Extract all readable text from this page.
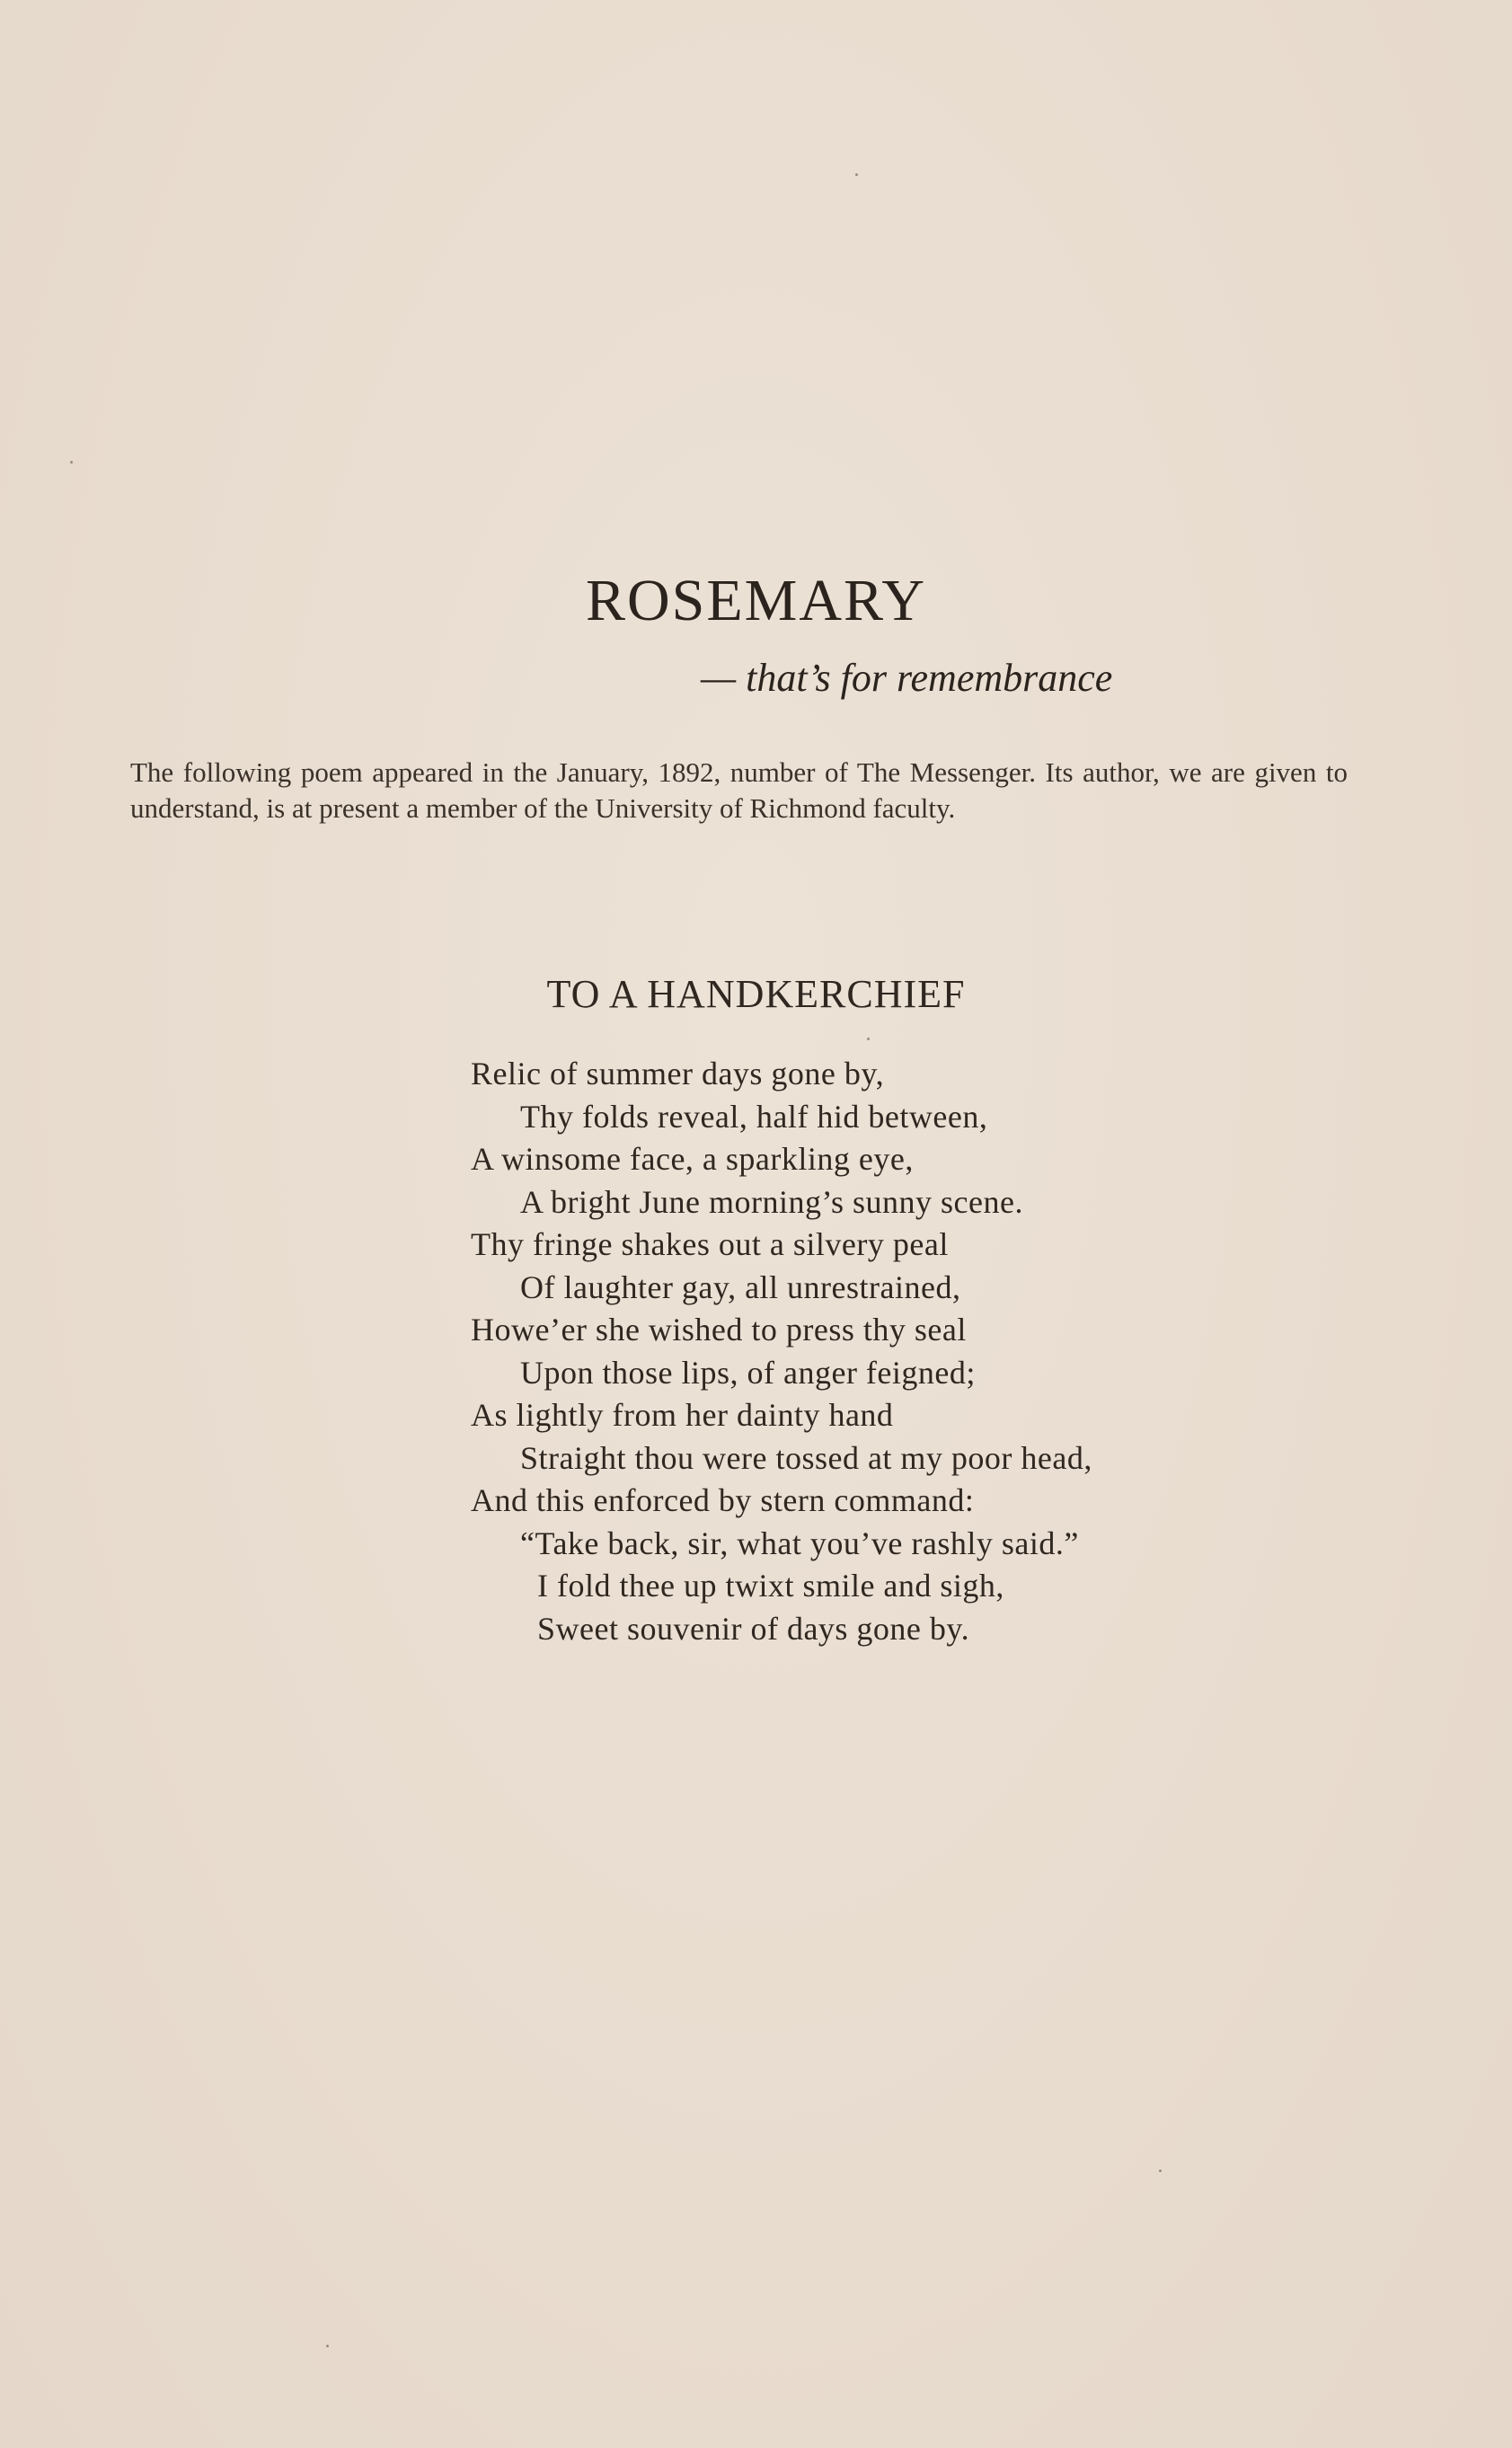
ROSEMARY
— that’s for remembrance
The following poem appeared in the January, 1892, number of The Messenger. Its author, we are given to understand, is at present a member of the University of Richmond faculty.
TO A HANDKERCHIEF
Relic of summer days gone by,
Thy folds reveal, half hid between,
A winsome face, a sparkling eye,
A bright June morning’s sunny scene.
Thy fringe shakes out a silvery peal
Of laughter gay, all unrestrained,
Howe’er she wished to press thy seal
Upon those lips, of anger feigned;
As lightly from her dainty hand
Straight thou were tossed at my poor head,
And this enforced by stern command:
“Take back, sir, what you’ve rashly said.”
I fold thee up twixt smile and sigh,
Sweet souvenir of days gone by.
